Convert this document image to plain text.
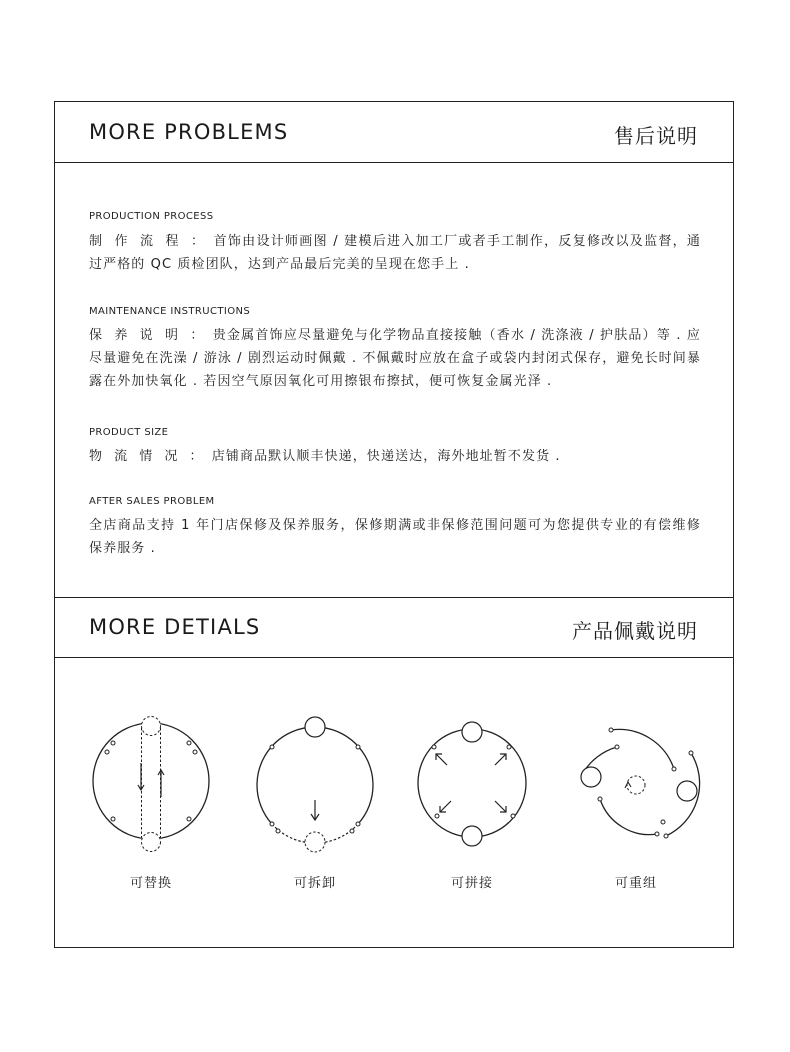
MORE PROBLEMS	售后说明
PRODUCTION PROCESS
制 作 流 程 ： 首饰由设计师画图 / 建模后进入加工厂或者手工制作，反复修改以及监督，通过严格的 QC 质检团队，达到产品最后完美的呈现在您手上 .
MAINTENANCE INSTRUCTIONS
保 养 说 明 ： 贵金属首饰应尽量避免与化学物品直接接触（香水 / 洗涤液 / 护肤品）等 . 应尽量避免在洗澡 / 游泳 / 剧烈运动时佩戴 . 不佩戴时应放在盒子或袋内封闭式保存，避免长时间暴露在外加快氧化 . 若因空气原因氧化可用擦银布擦拭，便可恢复金属光泽 .
PRODUCT SIZE
物 流 情 况 ： 店铺商品默认顺丰快递，快递送达，海外地址暂不发货 .
AFTER SALES PROBLEM
全店商品支持 1 年门店保修及保养服务，保修期满或非保修范围问题可为您提供专业的有偿维修保养服务 .
MORE DETIALS	产品佩戴说明
可替换	可拆卸	可拼接	可重组
